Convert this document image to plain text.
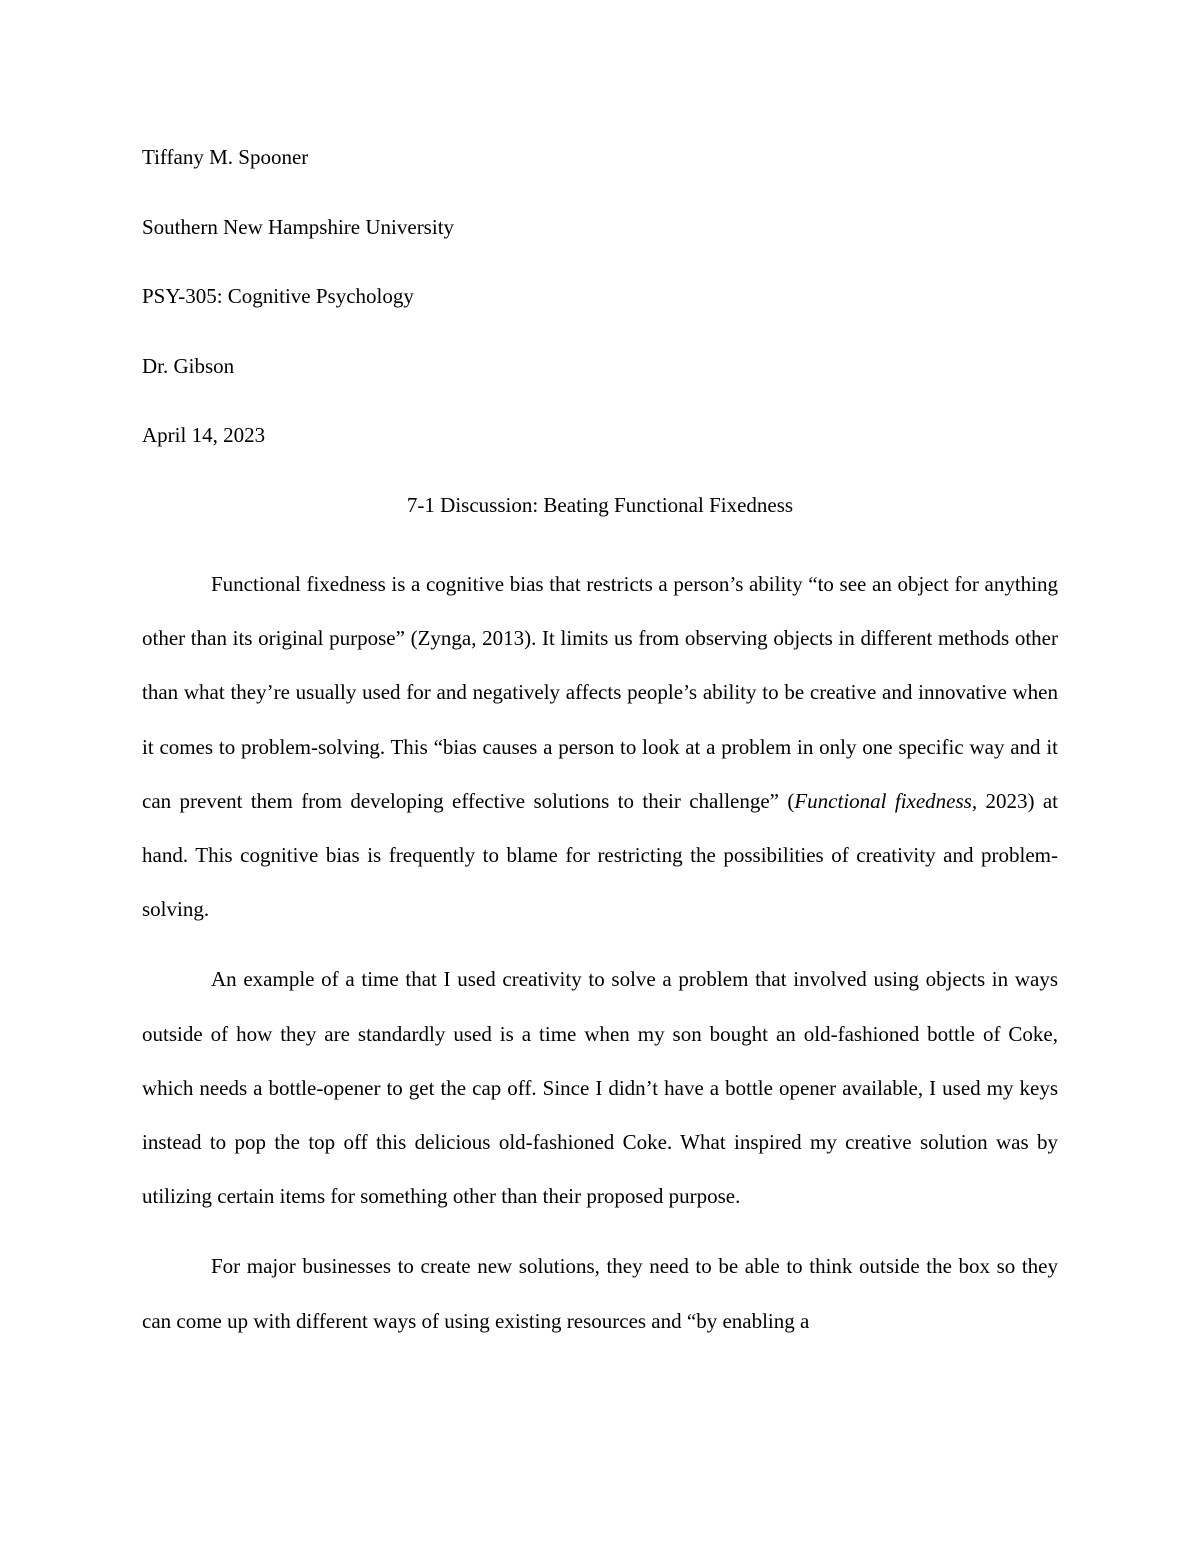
Tiffany M. Spooner
Southern New Hampshire University
PSY-305: Cognitive Psychology
Dr. Gibson
April 14, 2023
7-1 Discussion: Beating Functional Fixedness

Functional fixedness is a cognitive bias that restricts a person’s ability “to see an object for anything other than its original purpose” (Zynga, 2013). It limits us from observing objects in different methods other than what they’re usually used for and negatively affects people’s ability to be creative and innovative when it comes to problem-solving. This “bias causes a person to look at a problem in only one specific way and it can prevent them from developing effective solutions to their challenge” (Functional fixedness, 2023) at hand. This cognitive bias is frequently to blame for restricting the possibilities of creativity and problem-solving.

An example of a time that I used creativity to solve a problem that involved using objects in ways outside of how they are standardly used is a time when my son bought an old-fashioned bottle of Coke, which needs a bottle-opener to get the cap off. Since I didn’t have a bottle opener available, I used my keys instead to pop the top off this delicious old-fashioned Coke. What inspired my creative solution was by utilizing certain items for something other than their proposed purpose.

For major businesses to create new solutions, they need to be able to think outside the box so they can come up with different ways of using existing resources and “by enabling a
